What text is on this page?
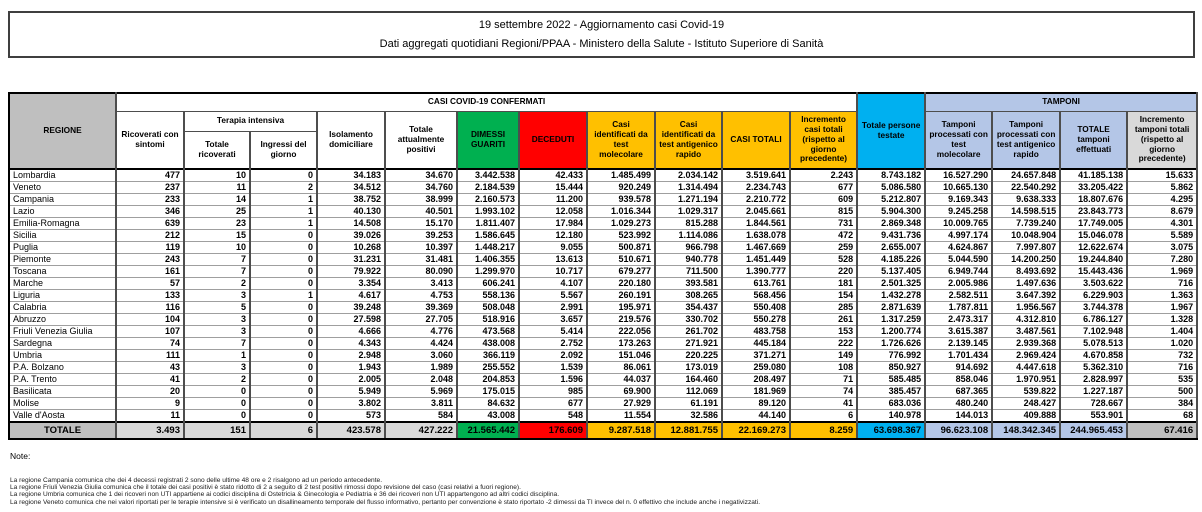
19 settembre 2022 - Aggiornamento casi Covid-19
Dati aggregati quotidiani Regioni/PPAA - Ministero della Salute - Istituto Superiore di Sanità
REGIONE	CASI COVID-19 CONFERMATI											Totale persone testate	TAMPONI			
	Ricoverati con sintomi	Terapia intensiva		Isolamento domiciliare	Totale attualmente positivi	DIMESSI GUARITI	DECEDUTI	Casi identificati da test molecolare	Casi identificati da test antigenico rapido	CASI TOTALI	Incremento casi totali (rispetto al giorno precedente)		Tamponi processati con test molecolare	Tamponi processati con test antigenico rapido	TOTALE tamponi effettuati	Incremento tamponi totali (rispetto al giorno precedente)
		Totale ricoverati	Ingressi del giorno													
Lombardia	477	10	0	34.183	34.670	3.442.538	42.433	1.485.499	2.034.142	3.519.641	2.243	8.743.182	16.527.290	24.657.848	41.185.138	15.633
Veneto	237	11	2	34.512	34.760	2.184.539	15.444	920.249	1.314.494	2.234.743	677	5.086.580	10.665.130	22.540.292	33.205.422	5.862
Campania	233	14	1	38.752	38.999	2.160.573	11.200	939.578	1.271.194	2.210.772	609	5.212.807	9.169.343	9.638.333	18.807.676	4.295
Lazio	346	25	1	40.130	40.501	1.993.102	12.058	1.016.344	1.029.317	2.045.661	815	5.904.300	9.245.258	14.598.515	23.843.773	8.679
Emilia-Romagna	639	23	1	14.508	15.170	1.811.407	17.984	1.029.273	815.288	1.844.561	731	2.869.348	10.009.765	7.739.240	17.749.005	4.301
Sicilia	212	15	0	39.026	39.253	1.586.645	12.180	523.992	1.114.086	1.638.078	472	9.431.736	4.997.174	10.048.904	15.046.078	5.589
Puglia	119	10	0	10.268	10.397	1.448.217	9.055	500.871	966.798	1.467.669	259	2.655.007	4.624.867	7.997.807	12.622.674	3.075
Piemonte	243	7	0	31.231	31.481	1.406.355	13.613	510.671	940.778	1.451.449	528	4.185.226	5.044.590	14.200.250	19.244.840	7.280
Toscana	161	7	0	79.922	80.090	1.299.970	10.717	679.277	711.500	1.390.777	220	5.137.405	6.949.744	8.493.692	15.443.436	1.969
Marche	57	2	0	3.354	3.413	606.241	4.107	220.180	393.581	613.761	181	2.501.325	2.005.986	1.497.636	3.503.622	716
Liguria	133	3	1	4.617	4.753	558.136	5.567	260.191	308.265	568.456	154	1.432.278	2.582.511	3.647.392	6.229.903	1.363
Calabria	116	5	0	39.248	39.369	508.048	2.991	195.971	354.437	550.408	285	2.871.639	1.787.811	1.956.567	3.744.378	1.967
Abruzzo	104	3	0	27.598	27.705	518.916	3.657	219.576	330.702	550.278	261	1.317.259	2.473.317	4.312.810	6.786.127	1.328
Friuli Venezia Giulia	107	3	0	4.666	4.776	473.568	5.414	222.056	261.702	483.758	153	1.200.774	3.615.387	3.487.561	7.102.948	1.404
Sardegna	74	7	0	4.343	4.424	438.008	2.752	173.263	271.921	445.184	222	1.726.626	2.139.145	2.939.368	5.078.513	1.020
Umbria	111	1	0	2.948	3.060	366.119	2.092	151.046	220.225	371.271	149	776.992	1.701.434	2.969.424	4.670.858	732
P.A. Bolzano	43	3	0	1.943	1.989	255.552	1.539	86.061	173.019	259.080	108	850.927	914.692	4.447.618	5.362.310	716
P.A. Trento	41	2	0	2.005	2.048	204.853	1.596	44.037	164.460	208.497	71	585.485	858.046	1.970.951	2.828.997	535
Basilicata	20	0	0	5.949	5.969	175.015	985	69.900	112.069	181.969	74	385.457	687.365	539.822	1.227.187	500
Molise	9	0	0	3.802	3.811	84.632	677	27.929	61.191	89.120	41	683.036	480.240	248.427	728.667	384
Valle d'Aosta	11	0	0	573	584	43.008	548	11.554	32.586	44.140	6	140.978	144.013	409.888	553.901	68
TOTALE	3.493	151	6	423.578	427.222	21.565.442	176.609	9.287.518	12.881.755	22.169.273	8.259	63.698.367	96.623.108	148.342.345	244.965.453	67.416
Note:
La regione Campania comunica che dei 4 decessi registrati 2 sono delle ultime 48 ore e 2 risalgono ad un periodo antecedente.
La regione Friuli Venezia Giulia comunica che il totale dei casi positivi è stato ridotto di 2 a seguito di 2 test positivi rimossi dopo revisione del caso (casi relativi a fuori regione).
La regione Umbria comunica che 1 dei ricoveri non UTI appartiene ai codici disciplina di Ostetricia & Ginecologia e Pediatria e 36 dei ricoveri non UTI appartengono ad altri codici disciplina.
La regione Veneto comunica che nei valori riportati per le terapie intensive si è verificato un disallineamento temporale del flusso informativo, pertanto per convenzione è stato riportato -2 dimessi da TI invece del n. 0 effettivo che include anche i negativizzati.
